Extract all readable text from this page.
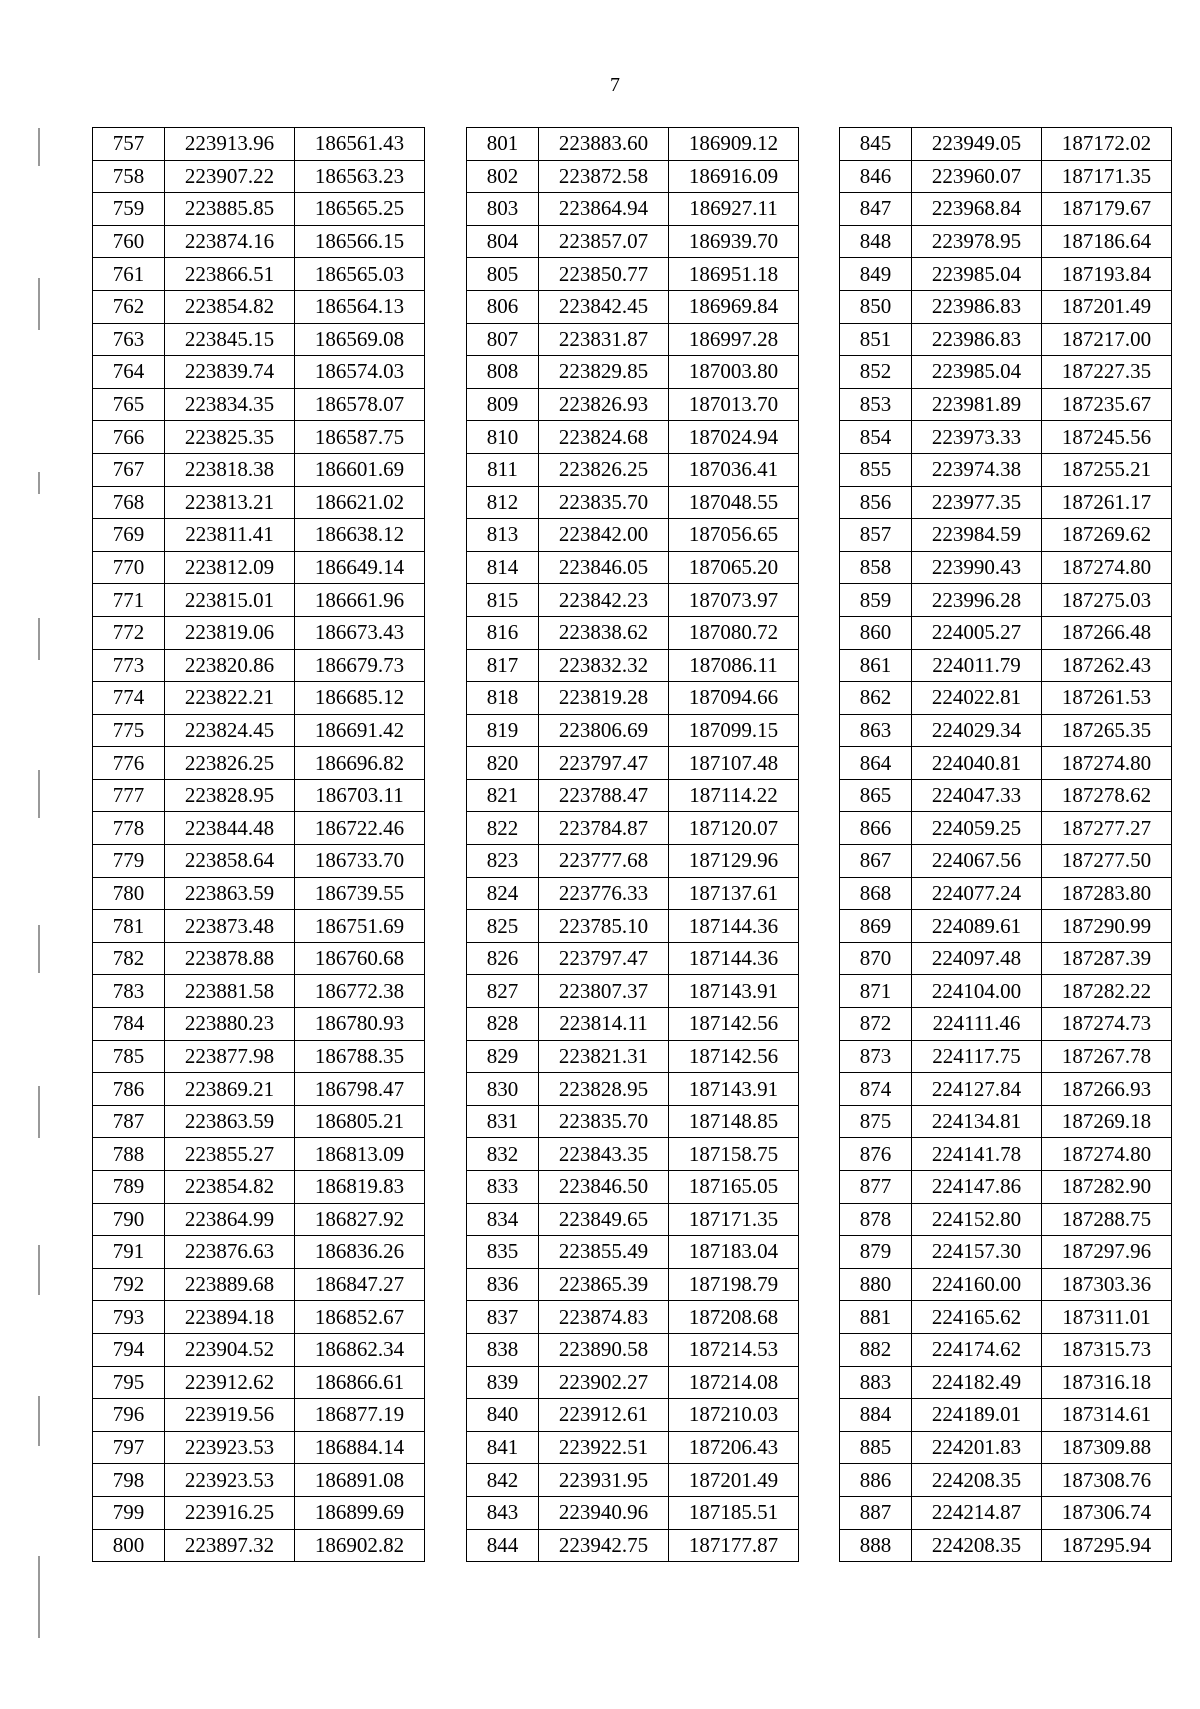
7
757	223913.96	186561.43
758	223907.22	186563.23
759	223885.85	186565.25
760	223874.16	186566.15
761	223866.51	186565.03
762	223854.82	186564.13
763	223845.15	186569.08
764	223839.74	186574.03
765	223834.35	186578.07
766	223825.35	186587.75
767	223818.38	186601.69
768	223813.21	186621.02
769	223811.41	186638.12
770	223812.09	186649.14
771	223815.01	186661.96
772	223819.06	186673.43
773	223820.86	186679.73
774	223822.21	186685.12
775	223824.45	186691.42
776	223826.25	186696.82
777	223828.95	186703.11
778	223844.48	186722.46
779	223858.64	186733.70
780	223863.59	186739.55
781	223873.48	186751.69
782	223878.88	186760.68
783	223881.58	186772.38
784	223880.23	186780.93
785	223877.98	186788.35
786	223869.21	186798.47
787	223863.59	186805.21
788	223855.27	186813.09
789	223854.82	186819.83
790	223864.99	186827.92
791	223876.63	186836.26
792	223889.68	186847.27
793	223894.18	186852.67
794	223904.52	186862.34
795	223912.62	186866.61
796	223919.56	186877.19
797	223923.53	186884.14
798	223923.53	186891.08
799	223916.25	186899.69
800	223897.32	186902.82
801	223883.60	186909.12
802	223872.58	186916.09
803	223864.94	186927.11
804	223857.07	186939.70
805	223850.77	186951.18
806	223842.45	186969.84
807	223831.87	186997.28
808	223829.85	187003.80
809	223826.93	187013.70
810	223824.68	187024.94
811	223826.25	187036.41
812	223835.70	187048.55
813	223842.00	187056.65
814	223846.05	187065.20
815	223842.23	187073.97
816	223838.62	187080.72
817	223832.32	187086.11
818	223819.28	187094.66
819	223806.69	187099.15
820	223797.47	187107.48
821	223788.47	187114.22
822	223784.87	187120.07
823	223777.68	187129.96
824	223776.33	187137.61
825	223785.10	187144.36
826	223797.47	187144.36
827	223807.37	187143.91
828	223814.11	187142.56
829	223821.31	187142.56
830	223828.95	187143.91
831	223835.70	187148.85
832	223843.35	187158.75
833	223846.50	187165.05
834	223849.65	187171.35
835	223855.49	187183.04
836	223865.39	187198.79
837	223874.83	187208.68
838	223890.58	187214.53
839	223902.27	187214.08
840	223912.61	187210.03
841	223922.51	187206.43
842	223931.95	187201.49
843	223940.96	187185.51
844	223942.75	187177.87
845	223949.05	187172.02
846	223960.07	187171.35
847	223968.84	187179.67
848	223978.95	187186.64
849	223985.04	187193.84
850	223986.83	187201.49
851	223986.83	187217.00
852	223985.04	187227.35
853	223981.89	187235.67
854	223973.33	187245.56
855	223974.38	187255.21
856	223977.35	187261.17
857	223984.59	187269.62
858	223990.43	187274.80
859	223996.28	187275.03
860	224005.27	187266.48
861	224011.79	187262.43
862	224022.81	187261.53
863	224029.34	187265.35
864	224040.81	187274.80
865	224047.33	187278.62
866	224059.25	187277.27
867	224067.56	187277.50
868	224077.24	187283.80
869	224089.61	187290.99
870	224097.48	187287.39
871	224104.00	187282.22
872	224111.46	187274.73
873	224117.75	187267.78
874	224127.84	187266.93
875	224134.81	187269.18
876	224141.78	187274.80
877	224147.86	187282.90
878	224152.80	187288.75
879	224157.30	187297.96
880	224160.00	187303.36
881	224165.62	187311.01
882	224174.62	187315.73
883	224182.49	187316.18
884	224189.01	187314.61
885	224201.83	187309.88
886	224208.35	187308.76
887	224214.87	187306.74
888	224208.35	187295.94
